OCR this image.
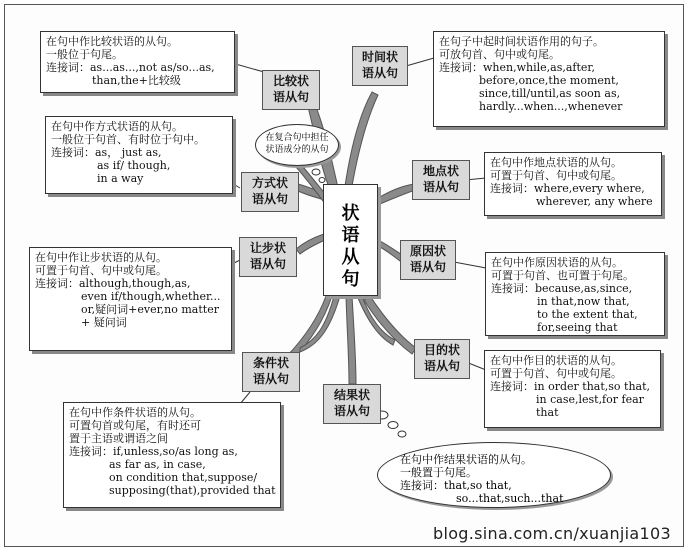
状
语
从
句
在复合句中担任
状语成分的从句
比较状
语从句
在句中作比较状语的从句。
一般位于句尾。
连接词：as...as...,not as/so...as,
than,the+比较级
时间状
语从句
在句子中起时间状语作用的句子。
可放句首、句中或句尾。
连接词：when,while,as,after,
before,once,the moment,
since,till/until,as soon as,
hardly...when...,whenever
方式状
语从句
在句中作方式状语的从句。
一般位于句首、有时位于句中。
连接词：as， just as,
as if/ though,
in a way
地点状
语从句
在句中作地点状语的从句。
可置于句首、句中或句尾。
连接词：where,every where,
wherever, any where
让步状
语从句
在句中作让步状语的从句。
可置于句首、句中或句尾。
连接词：although,though,as,
even if/though,whether...
or,疑问词+ever,no matter
+ 疑问词
原因状
语从句	在句中作原因状语的从句。
可置于句首、也可置于句尾。
连接词：because,as,since,
in that,now that,
to the extent that,
for,seeing that
目的状
语从句	在句中作目的状语的从句。
可置于句首、句中或句尾。
连接词：in order that,so that,
in case,lest,for fear
that
条件状
语从句
在句中作条件状语的从句。
可置句首或句尾，有时还可
置于主语或谓语之间
连接词：if,unless,so/as long as,
as far as, in case,
on condition that,suppose/
supposing(that),provided that
结果状
语从句
在句中作结果状语的从句。
一般置于句尾。
连接词：that,so that,
so...that,such...that
blog.sina.com.cn/xuanjia103
